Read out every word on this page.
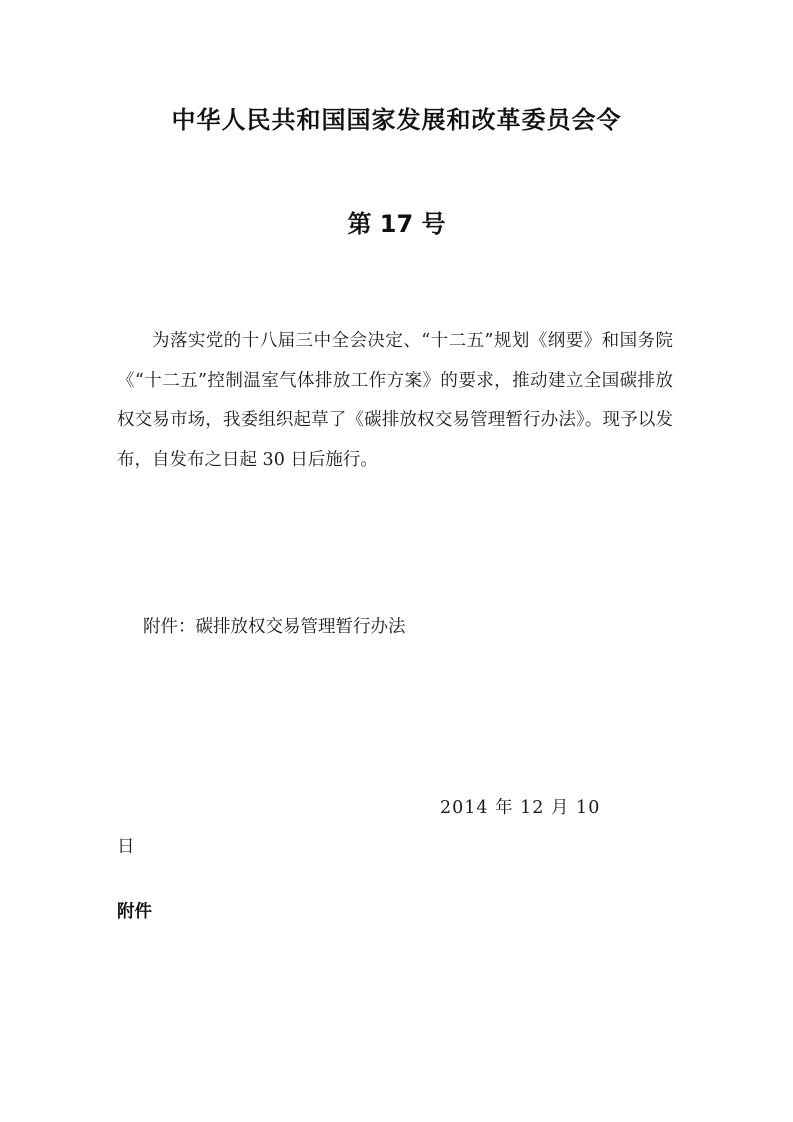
中华人民共和国国家发展和改革委员会令
第 17 号

为落实党的十八届三中全会决定、“十二五”规划《纲要》和国务院《“十二五”控制温室气体排放工作方案》的要求，推动建立全国碳排放权交易市场，我委组织起草了《碳排放权交易管理暂行办法》。现予以发布，自发布之日起 30 日后施行。

附件：碳排放权交易管理暂行办法
2014 年 12 月 10
日
附件
